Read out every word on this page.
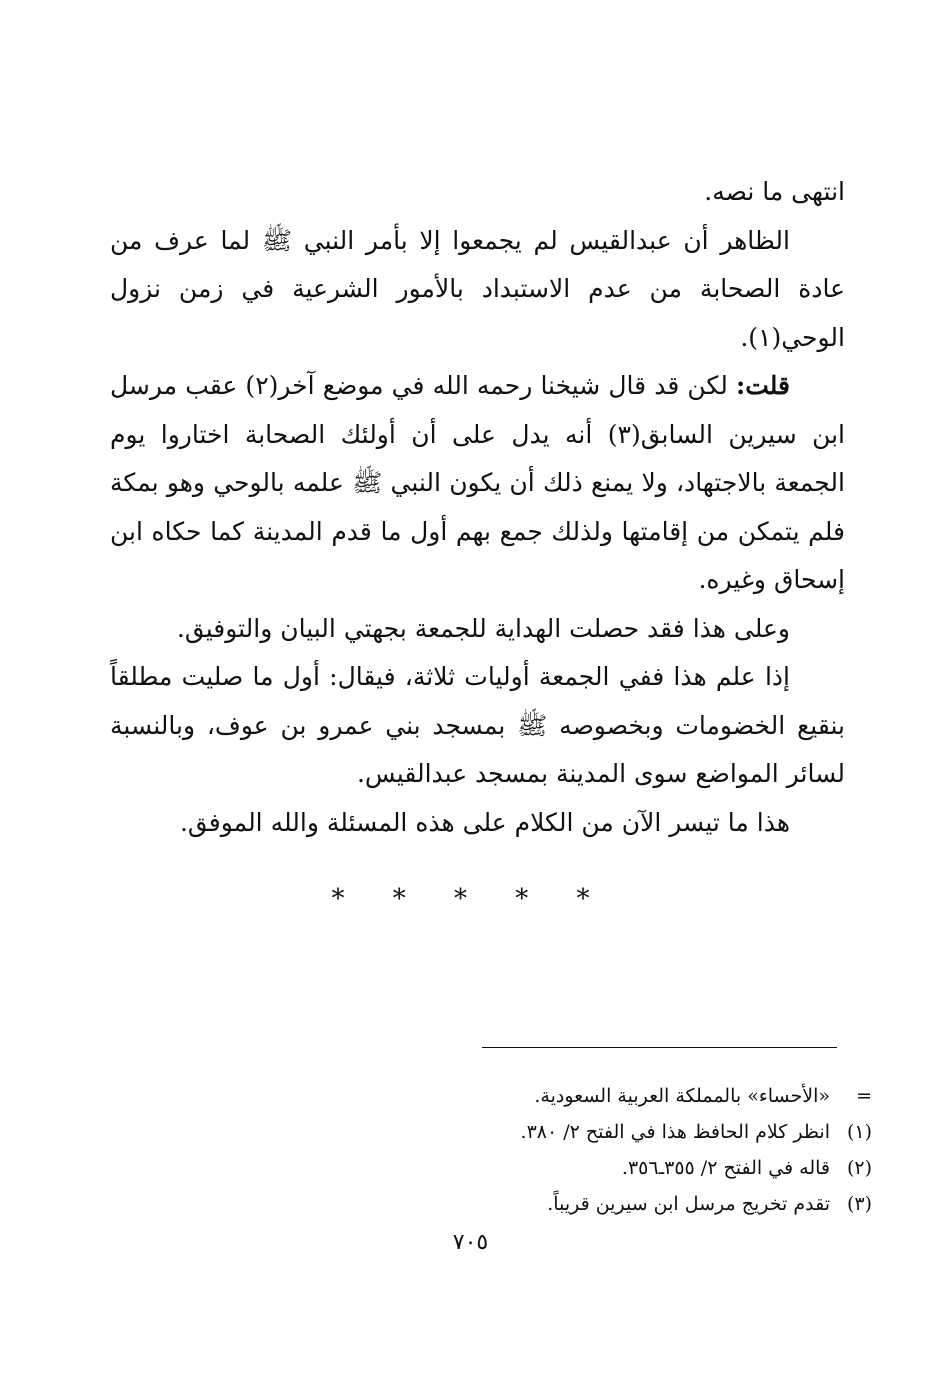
انتهى ما نصه.

الظاهر أن عبدالقيس لم يجمعوا إلا بأمر النبي ﷺ لما عرف من عادة الصحابة من عدم الاستبداد بالأمور الشرعية في زمن نزول الوحي(١).

قلت: لكن قد قال شيخنا رحمه الله في موضع آخر(٢) عقب مرسل ابن سيرين السابق(٣) أنه يدل على أن أولئك الصحابة اختاروا يوم الجمعة بالاجتهاد، ولا يمنع ذلك أن يكون النبي ﷺ علمه بالوحي وهو بمكة فلم يتمكن من إقامتها ولذلك جمع بهم أول ما قدم المدينة كما حكاه ابن إسحاق وغيره.

وعلى هذا فقد حصلت الهداية للجمعة بجهتي البيان والتوفيق.

إذا علم هذا ففي الجمعة أوليات ثلاثة، فيقال: أول ما صليت مطلقاً بنقيع الخضومات وبخصوصه ﷺ بمسجد بني عمرو بن عوف، وبالنسبة لسائر المواضع سوى المدينة بمسجد عبدالقيس.

هذا ما تيسر الآن من الكلام على هذه المسئلة والله الموفق.

* * * * *
=
«الأحساء» بالمملكة العربية السعودية.
(١)
انظر كلام الحافظ هذا في الفتح ٢/ ٣٨٠.
(٢)
قاله في الفتح ٢/ ٣٥٥ـ٣٥٦.
(٣)
تقدم تخريج مرسل ابن سيرين قريباً.
٧٠٥
